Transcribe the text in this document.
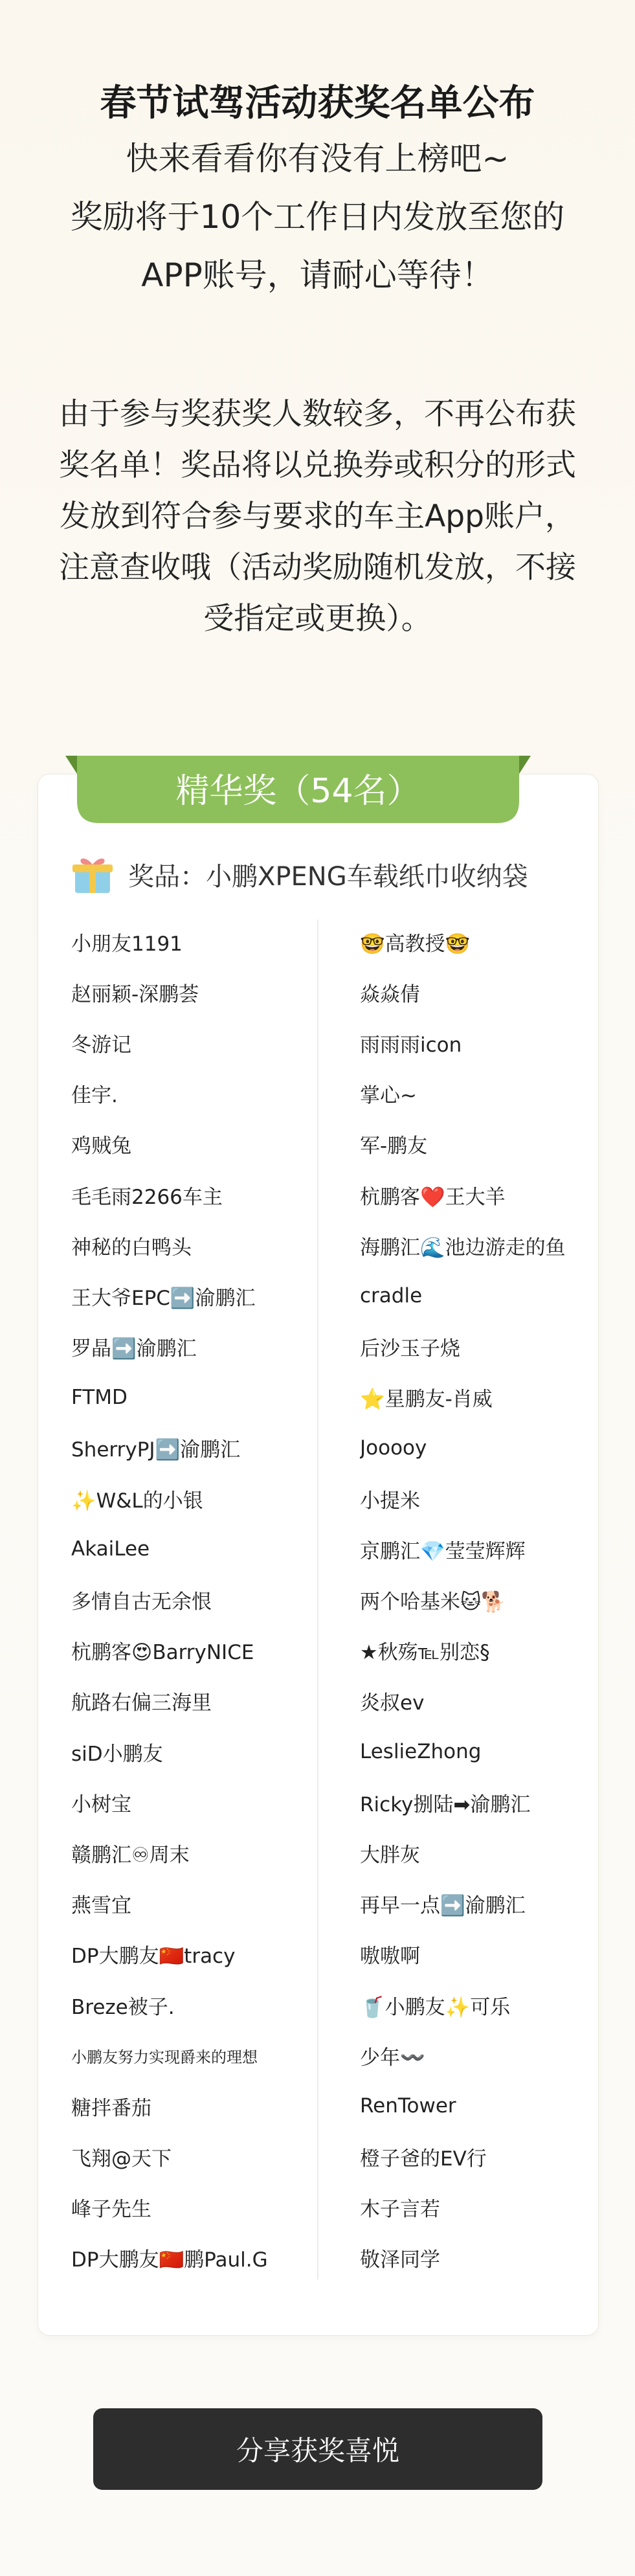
春节试驾活动获奖名单公布
快来看看你有没有上榜吧~
奖励将于10个工作日内发放至您的
APP账号，请耐心等待！
由于参与奖获奖人数较多，不再公布获奖名单！奖品将以兑换券或积分的形式发放到符合参与要求的车主App账户，注意查收哦（活动奖励随机发放，不接受指定或更换）。
精华奖（54名）
奖品：小鹏XPENG车载纸巾收纳袋
小朋友1191
赵丽颖-深鹏荟
冬游记
佳宇.
鸡贼兔
毛毛雨2266车主
神秘的白鸭头
王大爷EPC➡️渝鹏汇
罗晶➡️渝鹏汇
FTMD
SherryPJ➡️渝鹏汇
✨W&L的小银
AkaiLee
多情自古无余恨
杭鹏客😍BarryNICE
航路右偏三海里
siD小鹏友
小树宝
赣鹏汇♾周末
燕雪宜
DP大鹏友🇨🇳tracy
Breze被子.
小鹏友努力实现爵来的理想
糖拌番茄
飞翔@天下
峰子先生
DP大鹏友🇨🇳鹏Paul.G
🤓高教授🤓
焱焱倩
雨雨雨icon
掌心~
军-鹏友
杭鹏客❤️王大羊
海鹏汇🌊池边游走的鱼
cradle
后沙玉子烧
⭐星鹏友-肖威
Jooooy
小提米
京鹏汇💎莹莹辉辉
两个哈基米🐱🐕
★秋殇℡别恋§
炎叔ev
LeslieZhong
Ricky捌陆➡渝鹏汇
大胖灰
再早一点➡️渝鹏汇
嗷嗷啊
🥤小鹏友✨可乐
少年〰️
RenTower
橙子爸的EV行
木子言若
敬泽同学
分享获奖喜悦
